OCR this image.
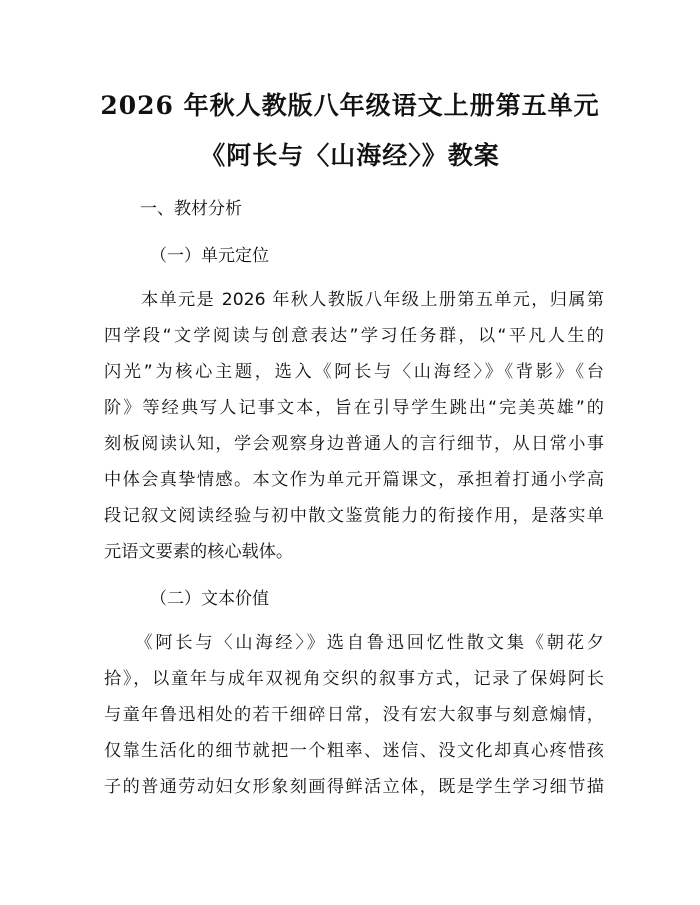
2026 年秋人教版八年级语文上册第五单元
《阿长与〈山海经〉》教案
一、教材分析
（一）单元定位
　　本单元是 2026 年秋人教版八年级上册第五单元，归属第
四学段“文学阅读与创意表达”学习任务群，以“平凡人生的
闪光”为核心主题，选入《阿长与〈山海经〉》《背影》《台
阶》等经典写人记事文本，旨在引导学生跳出“完美英雄”的
刻板阅读认知，学会观察身边普通人的言行细节，从日常小事
中体会真挚情感。本文作为单元开篇课文，承担着打通小学高
段记叙文阅读经验与初中散文鉴赏能力的衔接作用，是落实单
元语文要素的核心载体。
（二）文本价值
　　《阿长与〈山海经〉》选自鲁迅回忆性散文集《朝花夕
拾》，以童年与成年双视角交织的叙事方式，记录了保姆阿长
与童年鲁迅相处的若干细碎日常，没有宏大叙事与刻意煽情，
仅靠生活化的细节就把一个粗率、迷信、没文化却真心疼惜孩
子的普通劳动妇女形象刻画得鲜活立体，既是学生学习细节描
